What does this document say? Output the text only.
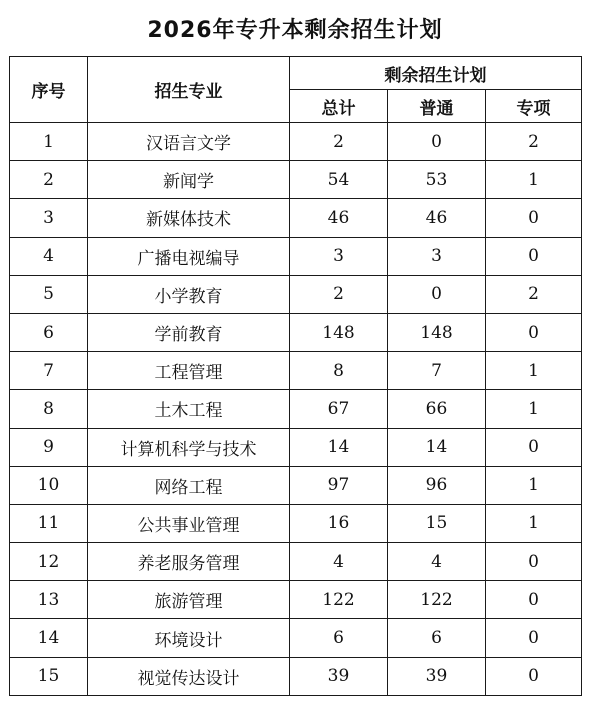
2026年专升本剩余招生计划
序号	招生专业	剩余招生计划		
		总计	普通	专项
1	汉语言文学	2	0	2
2	新闻学	54	53	1
3	新媒体技术	46	46	0
4	广播电视编导	3	3	0
5	小学教育	2	0	2
6	学前教育	148	148	0
7	工程管理	8	7	1
8	土木工程	67	66	1
9	计算机科学与技术	14	14	0
10	网络工程	97	96	1
11	公共事业管理	16	15	1
12	养老服务管理	4	4	0
13	旅游管理	122	122	0
14	环境设计	6	6	0
15	视觉传达设计	39	39	0
